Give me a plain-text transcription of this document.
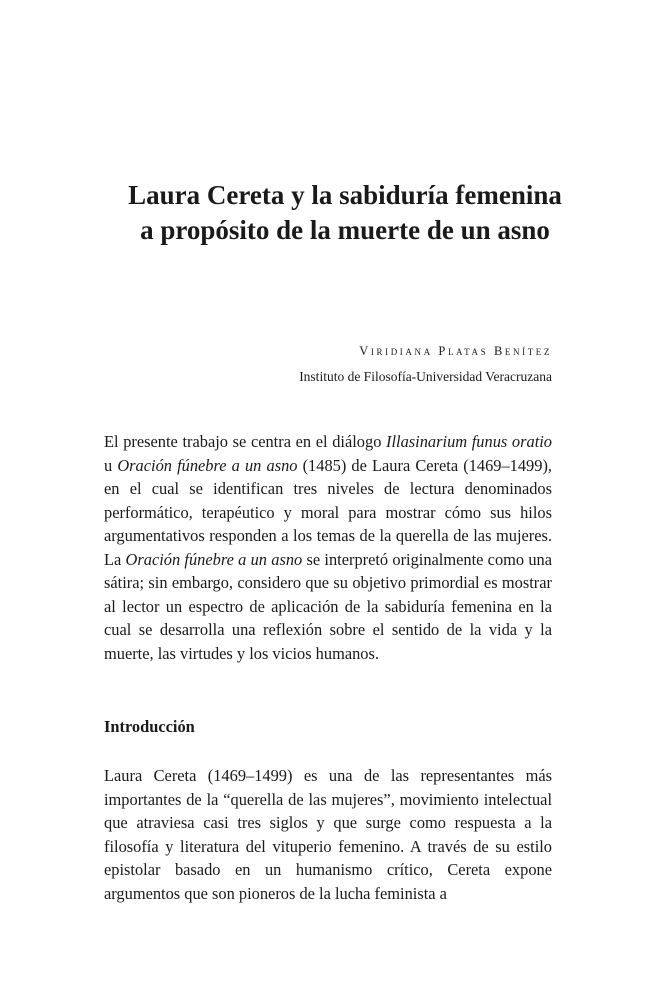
Laura Cereta y la sabiduría femenina
a propósito de la muerte de un asno
Viridiana Platas Benítez
Instituto de Filosofía-Universidad Veracruzana

El presente trabajo se centra en el diálogo Illasinarium funus oratio u Oración fúnebre a un asno (1485) de Laura Cereta (1469–1499), en el cual se identifican tres niveles de lectura denominados performático, terapéutico y moral para mostrar cómo sus hilos argumentativos responden a los temas de la querella de las mujeres. La Oración fúnebre a un asno se interpretó originalmente como una sátira; sin embargo, considero que su objetivo primordial es mostrar al lector un espectro de aplicación de la sabiduría femenina en la cual se desarrolla una reflexión sobre el sentido de la vida y la muerte, las virtudes y los vicios humanos.

Introducción

Laura Cereta (1469–1499) es una de las representantes más importantes de la “querella de las mujeres”, movimiento intelectual que atraviesa casi tres siglos y que surge como respuesta a la filosofía y literatura del vituperio femenino. A través de su estilo epistolar basado en un humanismo crítico, Cereta expone argumentos que son pioneros de la lucha feminista a
